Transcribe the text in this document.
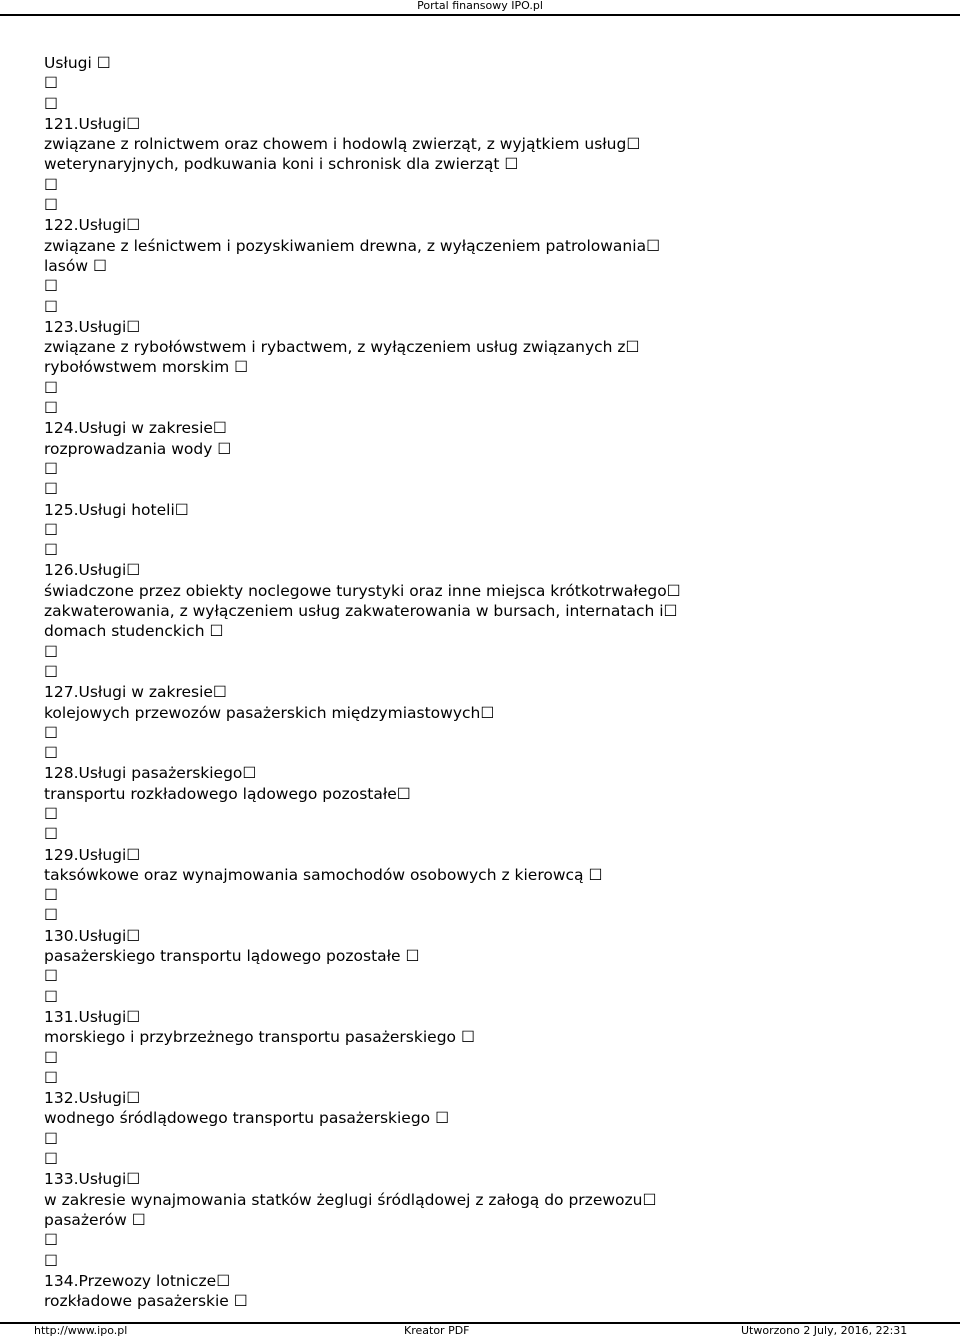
Portal finansowy IPO.pl
Usługi ☐
☐
☐
121.Usługi☐
związane z rolnictwem oraz chowem i hodowlą zwierząt, z wyjątkiem usług☐
weterynaryjnych, podkuwania koni i schronisk dla zwierząt ☐
☐
☐
122.Usługi☐
związane z leśnictwem i pozyskiwaniem drewna, z wyłączeniem patrolowania☐
lasów ☐
☐
☐
123.Usługi☐
związane z rybołówstwem i rybactwem, z wyłączeniem usług związanych z☐
rybołówstwem morskim ☐
☐
☐
124.Usługi w zakresie☐
rozprowadzania wody ☐
☐
☐
125.Usługi hoteli☐
☐
☐
126.Usługi☐
świadczone przez obiekty noclegowe turystyki oraz inne miejsca krótkotrwałego☐
zakwaterowania, z wyłączeniem usług zakwaterowania w bursach, internatach i☐
domach studenckich ☐
☐
☐
127.Usługi w zakresie☐
kolejowych przewozów pasażerskich międzymiastowych☐
☐
☐
128.Usługi pasażerskiego☐
transportu rozkładowego lądowego pozostałe☐
☐
☐
129.Usługi☐
taksówkowe oraz wynajmowania samochodów osobowych z kierowcą ☐
☐
☐
130.Usługi☐
pasażerskiego transportu lądowego pozostałe ☐
☐
☐
131.Usługi☐
morskiego i przybrzeżnego transportu pasażerskiego ☐
☐
☐
132.Usługi☐
wodnego śródlądowego transportu pasażerskiego ☐
☐
☐
133.Usługi☐
w zakresie wynajmowania statków żeglugi śródlądowej z załogą do przewozu☐
pasażerów ☐
☐
☐
134.Przewozy lotnicze☐
rozkładowe pasażerskie ☐
http://www.ipo.pl	Kreator PDF	Utworzono 2 July, 2016, 22:31
